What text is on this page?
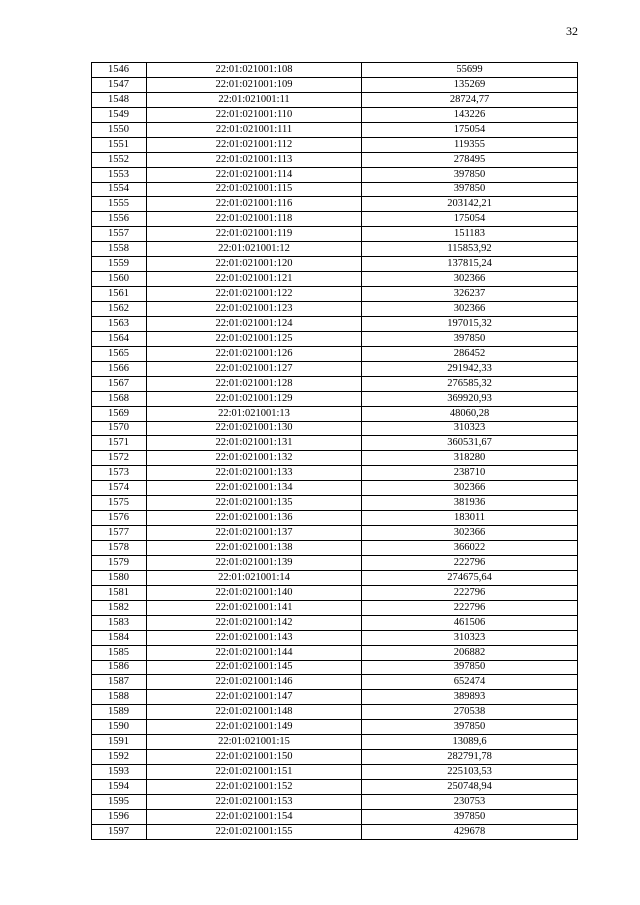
32
1546	22:01:021001:108	55699
1547	22:01:021001:109	135269
1548	22:01:021001:11	28724,77
1549	22:01:021001:110	143226
1550	22:01:021001:111	175054
1551	22:01:021001:112	119355
1552	22:01:021001:113	278495
1553	22:01:021001:114	397850
1554	22:01:021001:115	397850
1555	22:01:021001:116	203142,21
1556	22:01:021001:118	175054
1557	22:01:021001:119	151183
1558	22:01:021001:12	115853,92
1559	22:01:021001:120	137815,24
1560	22:01:021001:121	302366
1561	22:01:021001:122	326237
1562	22:01:021001:123	302366
1563	22:01:021001:124	197015,32
1564	22:01:021001:125	397850
1565	22:01:021001:126	286452
1566	22:01:021001:127	291942,33
1567	22:01:021001:128	276585,32
1568	22:01:021001:129	369920,93
1569	22:01:021001:13	48060,28
1570	22:01:021001:130	310323
1571	22:01:021001:131	360531,67
1572	22:01:021001:132	318280
1573	22:01:021001:133	238710
1574	22:01:021001:134	302366
1575	22:01:021001:135	381936
1576	22:01:021001:136	183011
1577	22:01:021001:137	302366
1578	22:01:021001:138	366022
1579	22:01:021001:139	222796
1580	22:01:021001:14	274675,64
1581	22:01:021001:140	222796
1582	22:01:021001:141	222796
1583	22:01:021001:142	461506
1584	22:01:021001:143	310323
1585	22:01:021001:144	206882
1586	22:01:021001:145	397850
1587	22:01:021001:146	652474
1588	22:01:021001:147	389893
1589	22:01:021001:148	270538
1590	22:01:021001:149	397850
1591	22:01:021001:15	13089,6
1592	22:01:021001:150	282791,78
1593	22:01:021001:151	225103,53
1594	22:01:021001:152	250748,94
1595	22:01:021001:153	230753
1596	22:01:021001:154	397850
1597	22:01:021001:155	429678
